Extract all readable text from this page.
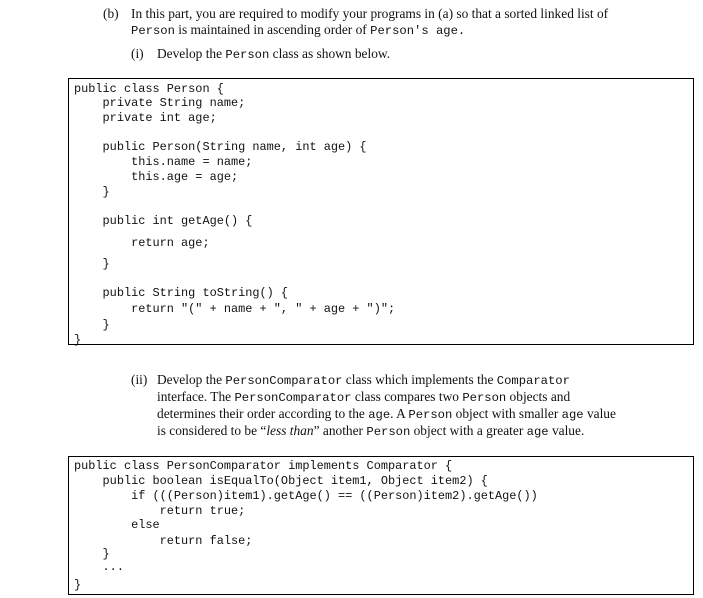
(b) In this part, you are required to modify your programs in (a) so that a sorted linked list of
Person is maintained in ascending order of Person's age.
(i) Develop the Person class as shown below.
public class Person {
private String name;
private int age;
public Person(String name, int age) {
this.name = name;
this.age = age;
}
public int getAge() {
return age;
}
public String toString() {
return "(" + name + ", " + age + ")";
}
}
(ii) Develop the PersonComparator class which implements the Comparator
interface. The PersonComparator class compares two Person objects and
determines their order according to the age. A Person object with smaller age value
is considered to be “less than” another Person object with a greater age value.
public class PersonComparator implements Comparator {
public boolean isEqualTo(Object item1, Object item2) {
if (((Person)item1).getAge() == ((Person)item2).getAge())
return true;
else
return false;
}
...
}
